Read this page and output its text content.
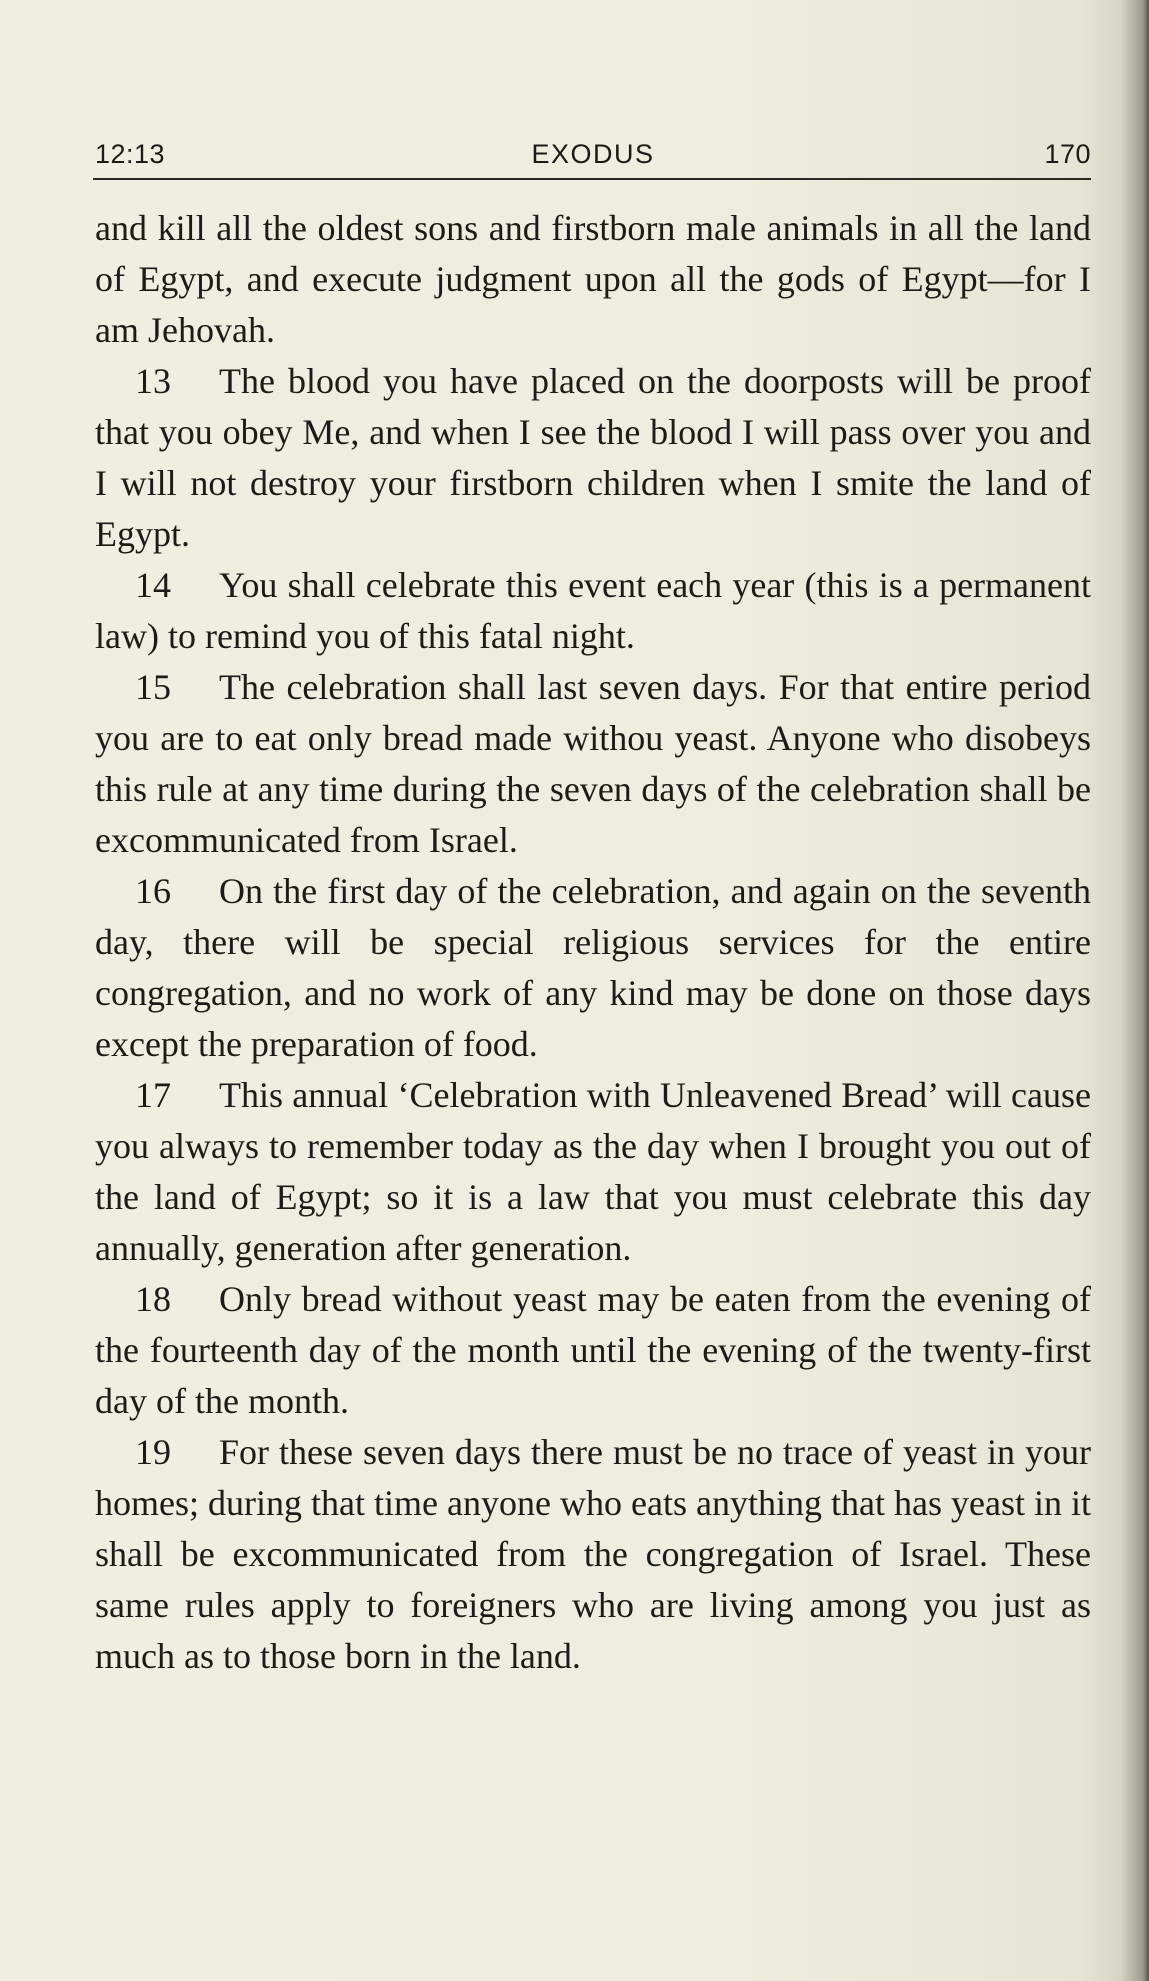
12:13	EXODUS	170

and kill all the oldest sons and firstborn male animals in all the land of Egypt, and execute judgment upon all the gods of Egypt—for I am Jehovah.

13 The blood you have placed on the doorposts will be proof that you obey Me, and when I see the blood I will pass over you and I will not destroy your firstborn children when I smite the land of Egypt.

14 You shall celebrate this event each year (this is a permanent law) to remind you of this fatal night.

15 The celebration shall last seven days. For that entire period you are to eat only bread made withou yeast. Anyone who disobeys this rule at any time during the seven days of the celebration shall be excommunicated from Israel.

16 On the first day of the celebration, and again on the seventh day, there will be special religious services for the entire congregation, and no work of any kind may be done on those days except the preparation of food.

17 This annual ‘Celebration with Unleavened Bread’ will cause you always to remember today as the day when I brought you out of the land of Egypt; so it is a law that you must celebrate this day annually, generation after generation.

18 Only bread without yeast may be eaten from the evening of the fourteenth day of the month until the evening of the twenty-first day of the month.

19 For these seven days there must be no trace of yeast in your homes; during that time anyone who eats anything that has yeast in it shall be excommunicated from the congregation of Israel. These same rules apply to foreigners who are living among you just as much as to those born in the land.
